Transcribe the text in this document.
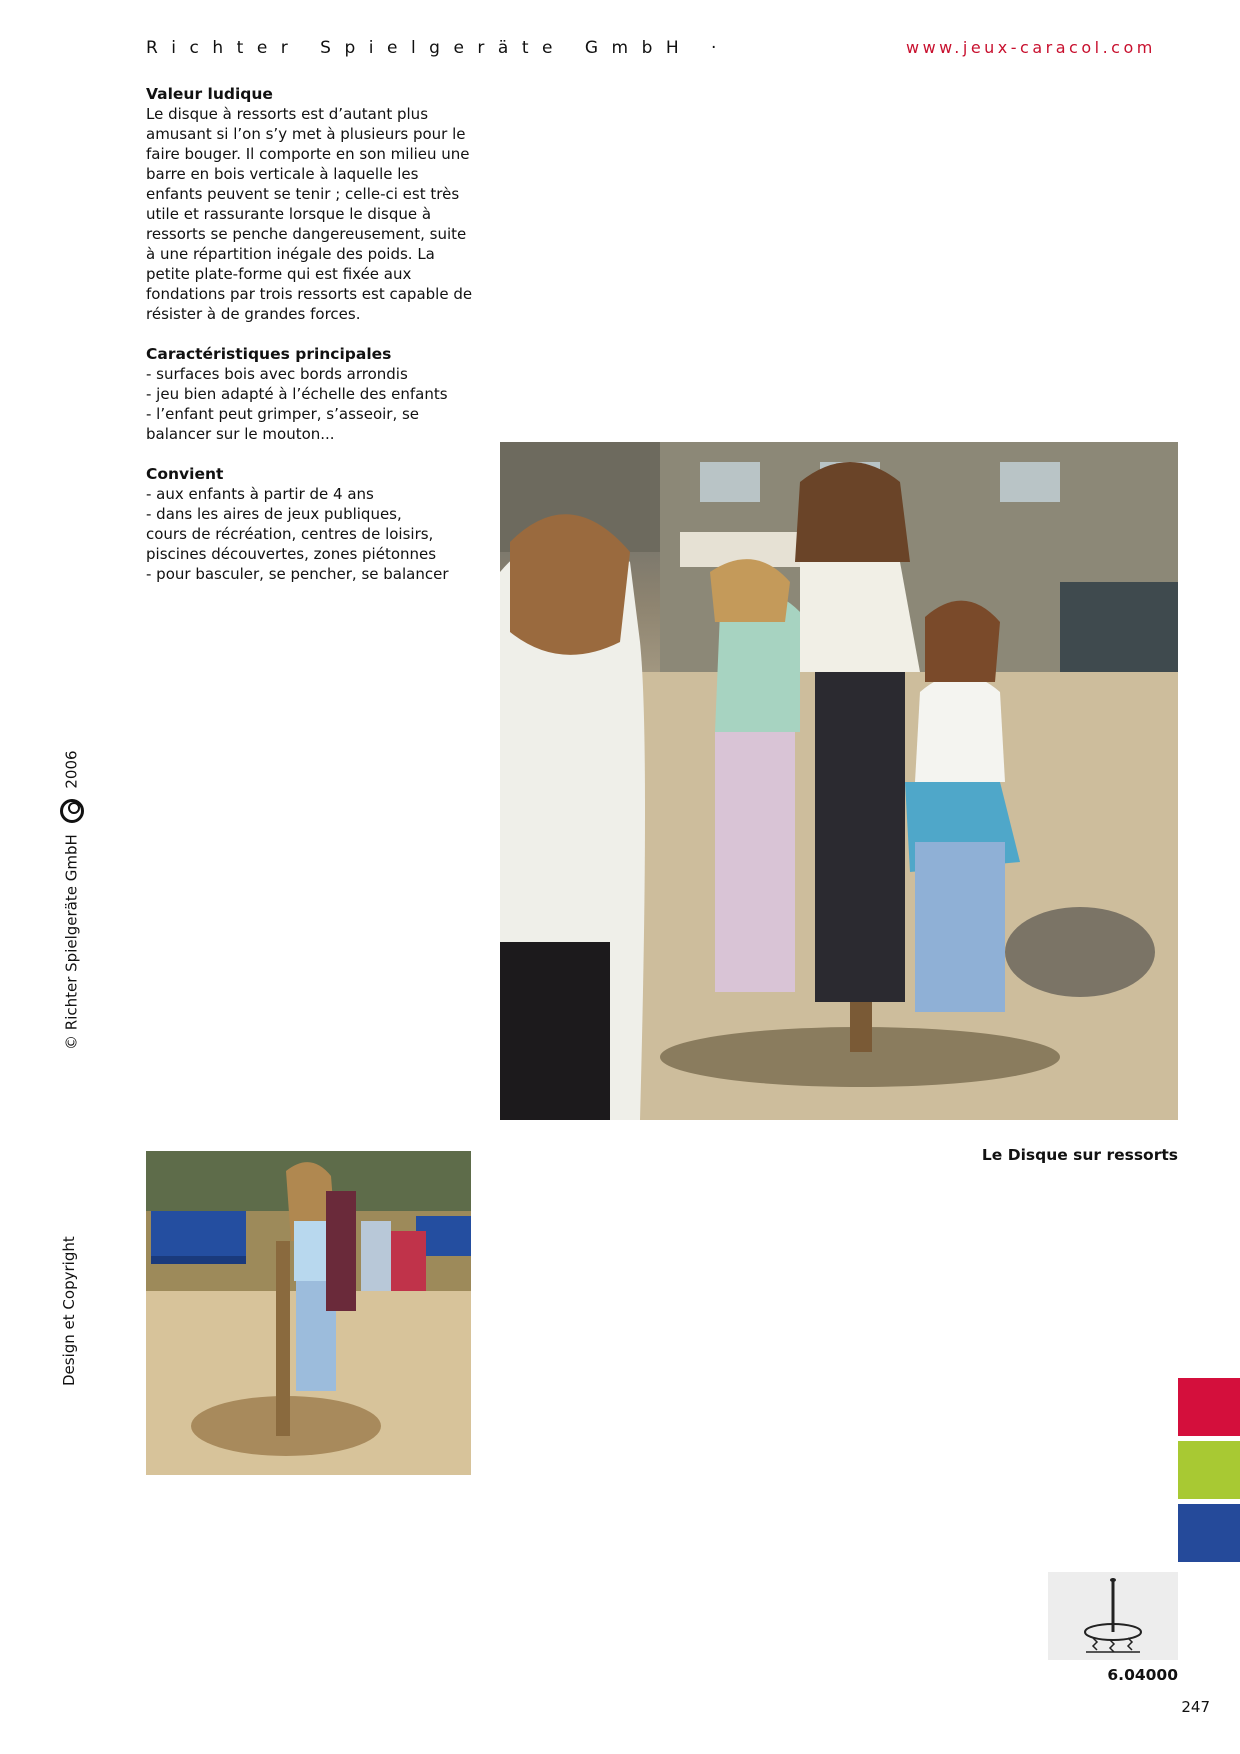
Richter Spielgeräte GmbH ·	www.jeux-caracol.com

Valeur ludique

Le disque à ressorts est d’autant plus amusant si l’on s’y met à plusieurs pour le faire bouger. Il comporte en son milieu une barre en bois verticale à laquelle les enfants peuvent se tenir ; celle-ci est très utile et rassurante lorsque le disque à ressorts se penche dangereusement, suite à une répartition inégale des poids. La petite plate-forme qui est fixée aux fondations par trois ressorts est capable de résister à de grandes forces.

Caractéristiques principales

- surfaces bois avec bords arrondis
- jeu bien adapté à l’échelle des enfants
- l’enfant peut grimper, s’asseoir, se
balancer sur le mouton...

Convient

- aux enfants à partir de 4 ans
- dans les aires de jeux publiques,
cours de récréation, centres de loisirs,
piscines découvertes, zones piétonnes
- pour basculer, se pencher, se balancer
Le Disque sur ressorts
© Richter Spielgeräte GmbH  2006
Design et Copyright
6.04000
247
